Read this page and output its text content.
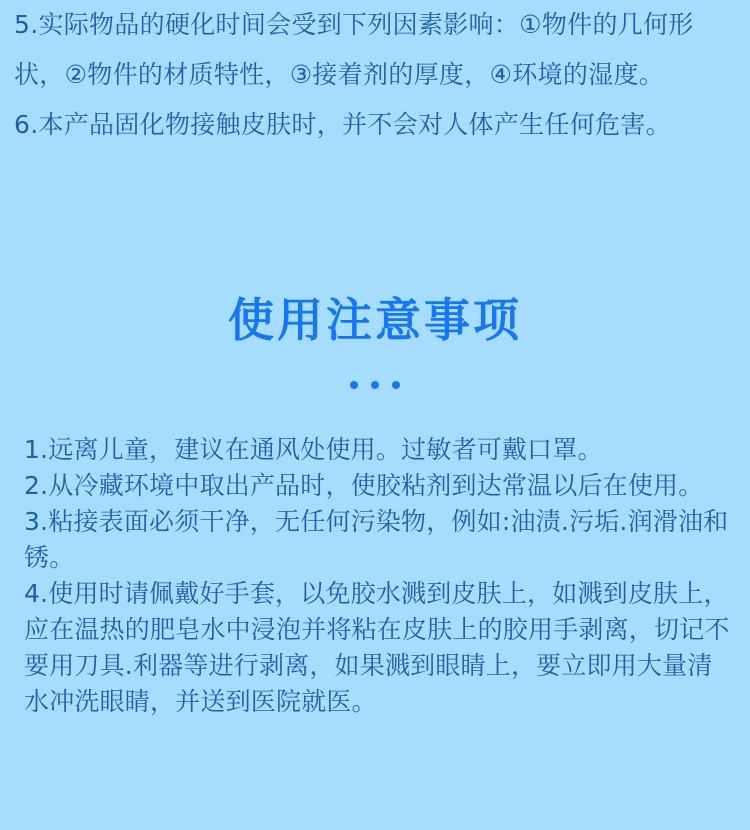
5.实际物品的硬化时间会受到下列因素影响：①物件的几何形状，②物件的材质特性，③接着剂的厚度，④环境的湿度。

6.本产品固化物接触皮肤时，并不会对人体产生任何危害。

使用注意事项

1.远离儿童，建议在通风处使用。过敏者可戴口罩。

2.从冷藏环境中取出产品时，使胶粘剂到达常温以后在使用。

3.粘接表面必须干净，无任何污染物，例如:油渍.污垢.润滑油和锈。

4.使用时请佩戴好手套，以免胶水溅到皮肤上，如溅到皮肤上，应在温热的肥皂水中浸泡并将粘在皮肤上的胶用手剥离，切记不要用刀具.利器等进行剥离，如果溅到眼睛上，要立即用大量清水冲洗眼睛，并送到医院就医。
